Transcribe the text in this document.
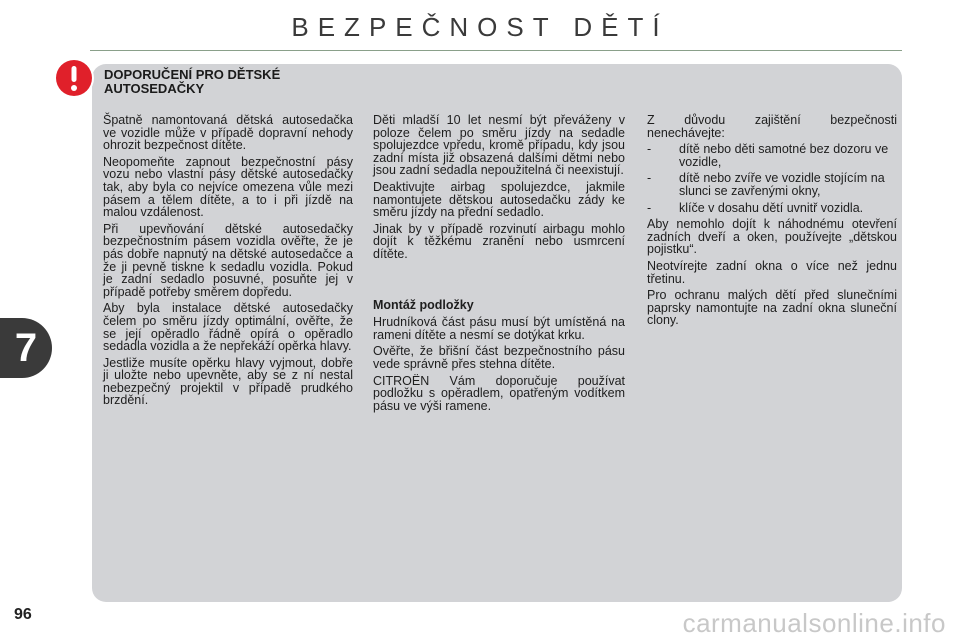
BEZPEČNOST DĚTÍ
7
96	carmanualsonline.info
DOPORUČENÍ PRO DĚTSKÉ AUTOSEDAČKY

Špatně namontovaná dětská autosedačka ve vozidle může v případě dopravní nehody ohrozit bezpečnost dítěte.

Neopomeňte zapnout bezpečnostní pásy vozu nebo vlastní pásy dětské autosedačky tak, aby byla co nejvíce omezena vůle mezi pásem a tělem dítěte, a to i při jízdě na malou vzdálenost.

Při upevňování dětské autosedačky bezpečnostním pásem vozidla ověřte, že je pás dobře napnutý na dětské autosedačce a že ji pevně tiskne k sedadlu vozidla. Pokud je zadní sedadlo posuvné, posuňte jej v případě potřeby směrem dopředu.

Aby byla instalace dětské autosedačky čelem po směru jízdy optimální, ověřte, že se její opěradlo řádně opírá o opěradlo sedadla vozidla a že nepřekáží opěrka hlavy.

Jestliže musíte opěrku hlavy vyjmout, dobře ji uložte nebo upevněte, aby se z ní nestal nebezpečný projektil v případě prudkého brzdění.

Děti mladší 10 let nesmí být převáženy v poloze čelem po směru jízdy na sedadle spolujezdce vpředu, kromě případu, kdy jsou zadní místa již obsazená dalšími dětmi nebo jsou zadní sedadla nepoužitelná či neexistují.

Deaktivujte airbag spolujezdce, jakmile namontujete dětskou autosedačku zády ke směru jízdy na přední sedadlo.

Jinak by v případě rozvinutí airbagu mohlo dojít k těžkému zranění nebo usmrcení dítěte.

Montáž podložky

Hrudníková část pásu musí být umístěná na rameni dítěte a nesmí se dotýkat krku.

Ověřte, že břišní část bezpečnostního pásu vede správně přes stehna dítěte.

CITROËN Vám doporučuje používat podložku s opěradlem, opatřeným vodítkem pásu ve výši ramene.

Z důvodu zajištění bezpečnosti nenechávejte:

- dítě nebo děti samotné bez dozoru ve vozidle,
- dítě nebo zvíře ve vozidle stojícím na slunci se zavřenými okny,
- klíče v dosahu dětí uvnitř vozidla.

Aby nemohlo dojít k náhodnému otevření zadních dveří a oken, používejte „dětskou pojistku“.

Neotvírejte zadní okna o více než jednu třetinu.

Pro ochranu malých dětí před slunečními paprsky namontujte na zadní okna sluneční clony.
